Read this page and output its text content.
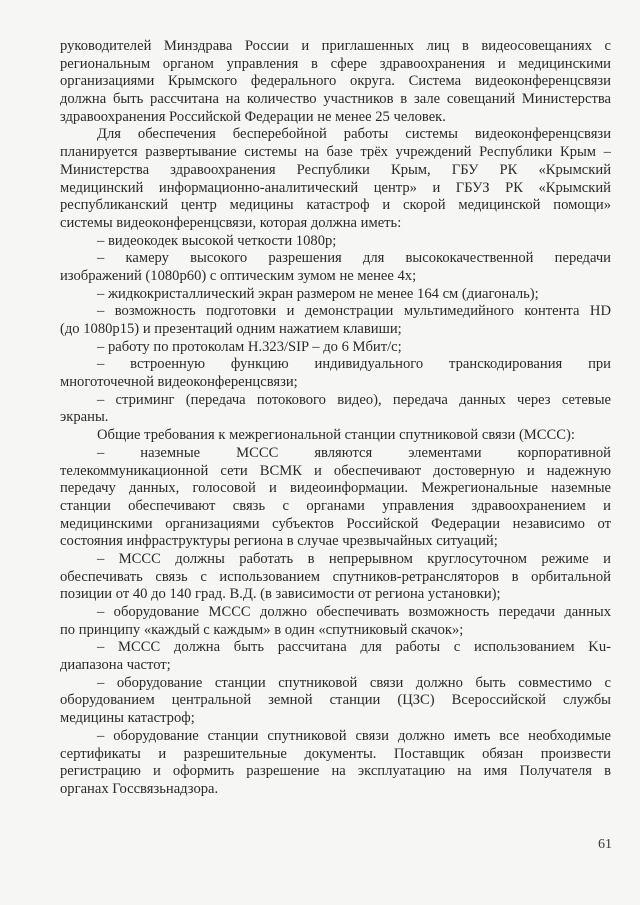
руководителей Минздрава России и приглашенных лиц в видеосовещаниях с
региональным органом управления в сфере здравоохранения и медицинскими
организациями Крымского федерального округа. Система видеоконференцсвязи
должна быть рассчитана на количество участников в зале совещаний Министерства
здравоохранения Российской Федерации не менее 25 человек.
Для обеспечения бесперебойной работы системы видеоконференцсвязи
планируется развертывание системы на базе трёх учреждений Республики Крым –
Министерства здравоохранения Республики Крым, ГБУ РК «Крымский
медицинский информационно-аналитический центр» и ГБУЗ РК «Крымский
республиканский центр медицины катастроф и скорой медицинской помощи»
системы видеоконференцсвязи, которая должна иметь:
– видеокодек высокой четкости 1080p;
– камеру высокого разрешения для высококачественной передачи
изображений (1080p60) с оптическим зумом не менее 4x;
– жидкокристаллический экран размером не менее 164 см (диагональ);
– возможность подготовки и демонстрации мультимедийного контента HD
(до 1080p15) и презентаций одним нажатием клавиши;
– работу по протоколам H.323/SIP – до 6 Мбит/с;
– встроенную функцию индивидуального транскодирования при
многоточечной видеоконференцсвязи;
– стриминг (передача потокового видео), передача данных через сетевые
экраны.
Общие требования к межрегиональной станции спутниковой связи (МССС):
– наземные МССС являются элементами корпоративной
телекоммуникационной сети ВСМК и обеспечивают достоверную и надежную
передачу данных, голосовой и видеоинформации. Межрегиональные наземные
станции обеспечивают связь с органами управления здравоохранением и
медицинскими организациями субъектов Российской Федерации независимо от
состояния инфраструктуры региона в случае чрезвычайных ситуаций;
– МССС должны работать в непрерывном круглосуточном режиме и
обеспечивать связь с использованием спутников-ретрансляторов в орбитальной
позиции от 40 до 140 град. В.Д. (в зависимости от региона установки);
– оборудование МССС должно обеспечивать возможность передачи данных
по принципу «каждый с каждым» в один «спутниковый скачок»;
– МССС должна быть рассчитана для работы с использованием Ku-
диапазона частот;
– оборудование станции спутниковой связи должно быть совместимо с
оборудованием центральной земной станции (ЦЗС) Всероссийской службы
медицины катастроф;
– оборудование станции спутниковой связи должно иметь все необходимые
сертификаты и разрешительные документы. Поставщик обязан произвести
регистрацию и оформить разрешение на эксплуатацию на имя Получателя в
органах Госсвязьнадзора.
61
